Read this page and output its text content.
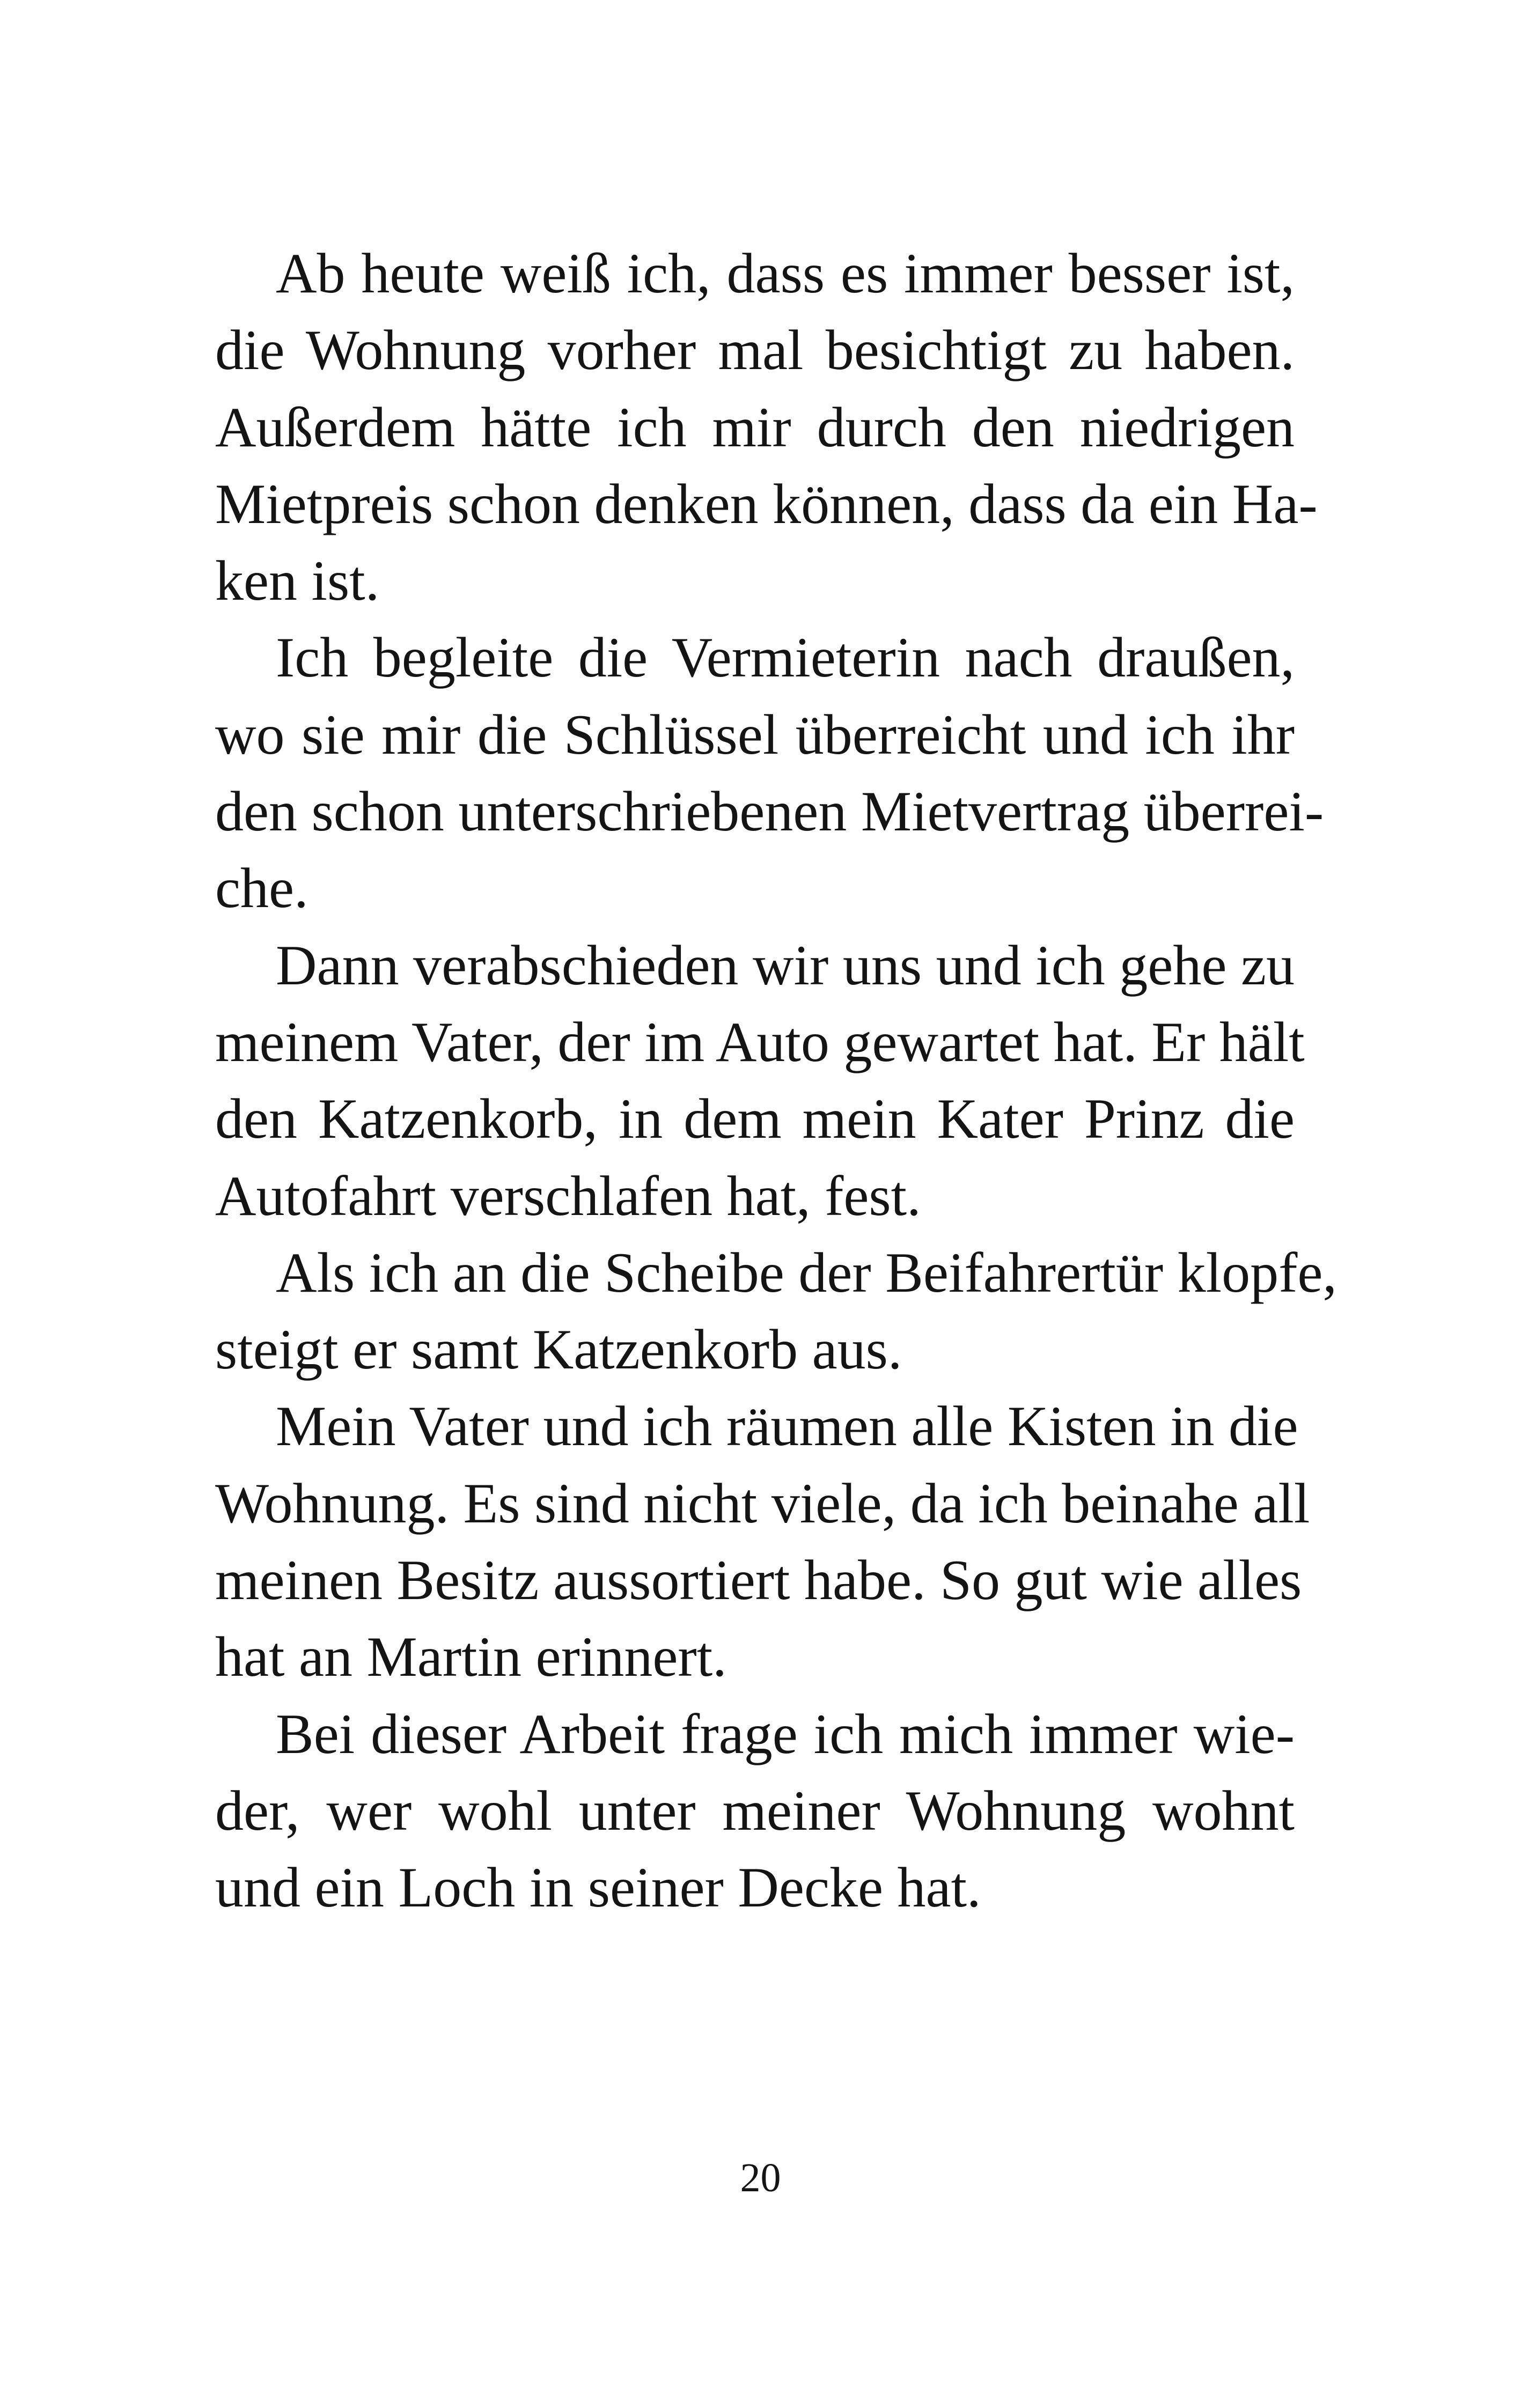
Ab heute weiß ich, dass es immer besser ist,
die Wohnung vorher mal besichtigt zu haben.
Außerdem hätte ich mir durch den niedrigen
Mietpreis schon denken können, dass da ein Ha-
ken ist.
Ich begleite die Vermieterin nach draußen,
wo sie mir die Schlüssel überreicht und ich ihr
den schon unterschriebenen Mietvertrag überrei-
che.
Dann verabschieden wir uns und ich gehe zu
meinem Vater, der im Auto gewartet hat. Er hält
den Katzenkorb, in dem mein Kater Prinz die
Autofahrt verschlafen hat, fest.
Als ich an die Scheibe der Beifahrertür klopfe,
steigt er samt Katzenkorb aus.
Mein Vater und ich räumen alle Kisten in die
Wohnung. Es sind nicht viele, da ich beinahe all
meinen Besitz aussortiert habe. So gut wie alles
hat an Martin erinnert.
Bei dieser Arbeit frage ich mich immer wie-
der, wer wohl unter meiner Wohnung wohnt
und ein Loch in seiner Decke hat.
20
